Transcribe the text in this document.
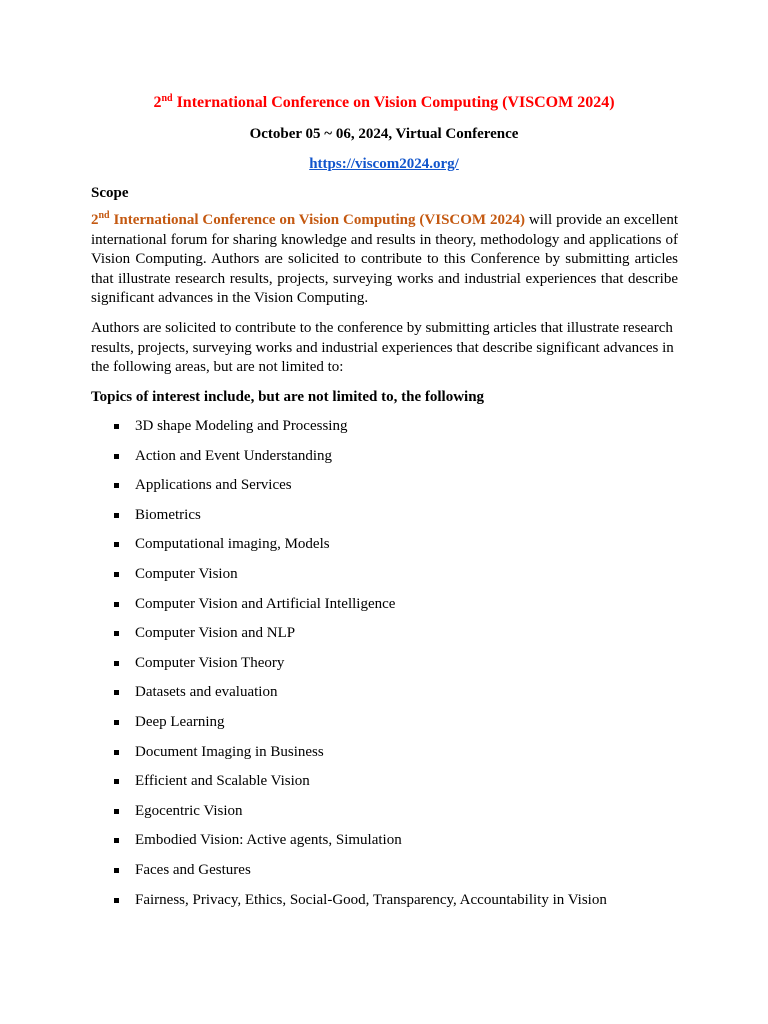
2nd International Conference on Vision Computing (VISCOM 2024)
October 05 ~ 06, 2024, Virtual Conference
https://viscom2024.org/
Scope
2nd International Conference on Vision Computing (VISCOM 2024) will provide an excellent international forum for sharing knowledge and results in theory, methodology and applications of Vision Computing. Authors are solicited to contribute to this Conference by submitting articles that illustrate research results, projects, surveying works and industrial experiences that describe significant advances in the Vision Computing.
Authors are solicited to contribute to the conference by submitting articles that illustrate research results, projects, surveying works and industrial experiences that describe significant advances in the following areas, but are not limited to:
Topics of interest include, but are not limited to, the following
3D shape Modeling and Processing
Action and Event Understanding
Applications and Services
Biometrics
Computational imaging, Models
Computer Vision
Computer Vision and Artificial Intelligence
Computer Vision and NLP
Computer Vision Theory
Datasets and evaluation
Deep Learning
Document Imaging in Business
Efficient and Scalable Vision
Egocentric Vision
Embodied Vision: Active agents, Simulation
Faces and Gestures
Fairness, Privacy, Ethics, Social-Good, Transparency, Accountability in Vision
